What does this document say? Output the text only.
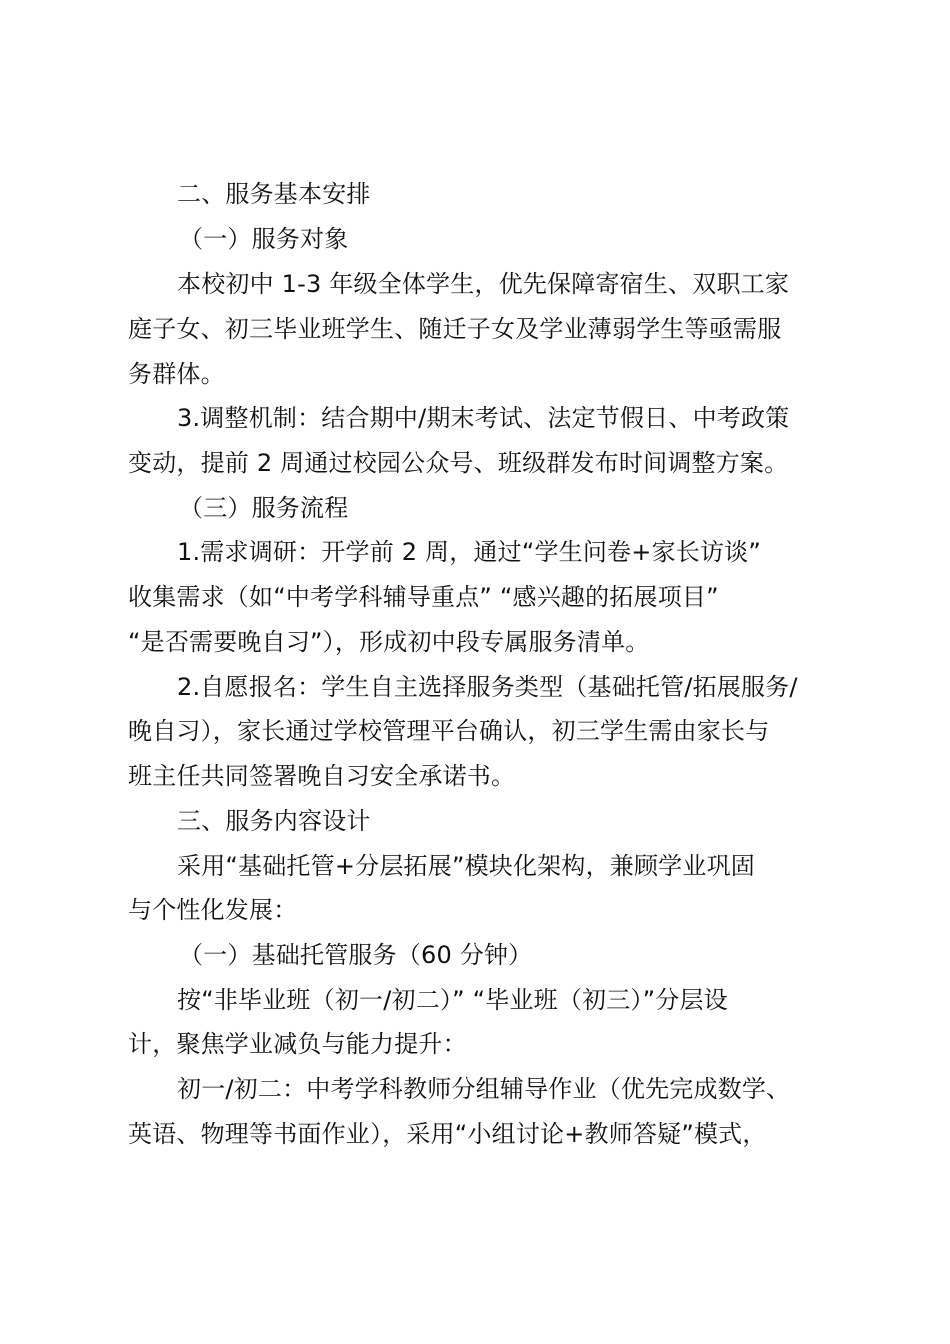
二、服务基本安排
（一）服务对象
本校初中 1-3 年级全体学生，优先保障寄宿生、双职工家
庭子女、初三毕业班学生、随迁子女及学业薄弱学生等亟需服
务群体。
3.调整机制：结合期中/期末考试、法定节假日、中考政策
变动，提前 2 周通过校园公众号、班级群发布时间调整方案。
（三）服务流程
1.需求调研：开学前 2 周，通过“学生问卷+家长访谈”
收集需求（如“中考学科辅导重点” “感兴趣的拓展项目”
“是否需要晚自习”），形成初中段专属服务清单。
2.自愿报名：学生自主选择服务类型（基础托管/拓展服务/
晚自习），家长通过学校管理平台确认，初三学生需由家长与
班主任共同签署晚自习安全承诺书。
三、服务内容设计
采用“基础托管+分层拓展”模块化架构，兼顾学业巩固
与个性化发展：
（一）基础托管服务（60 分钟）
按“非毕业班（初一/初二）” “毕业班（初三）”分层设
计，聚焦学业减负与能力提升：
初一/初二：中考学科教师分组辅导作业（优先完成数学、
英语、物理等书面作业），采用“小组讨论+教师答疑”模式，
